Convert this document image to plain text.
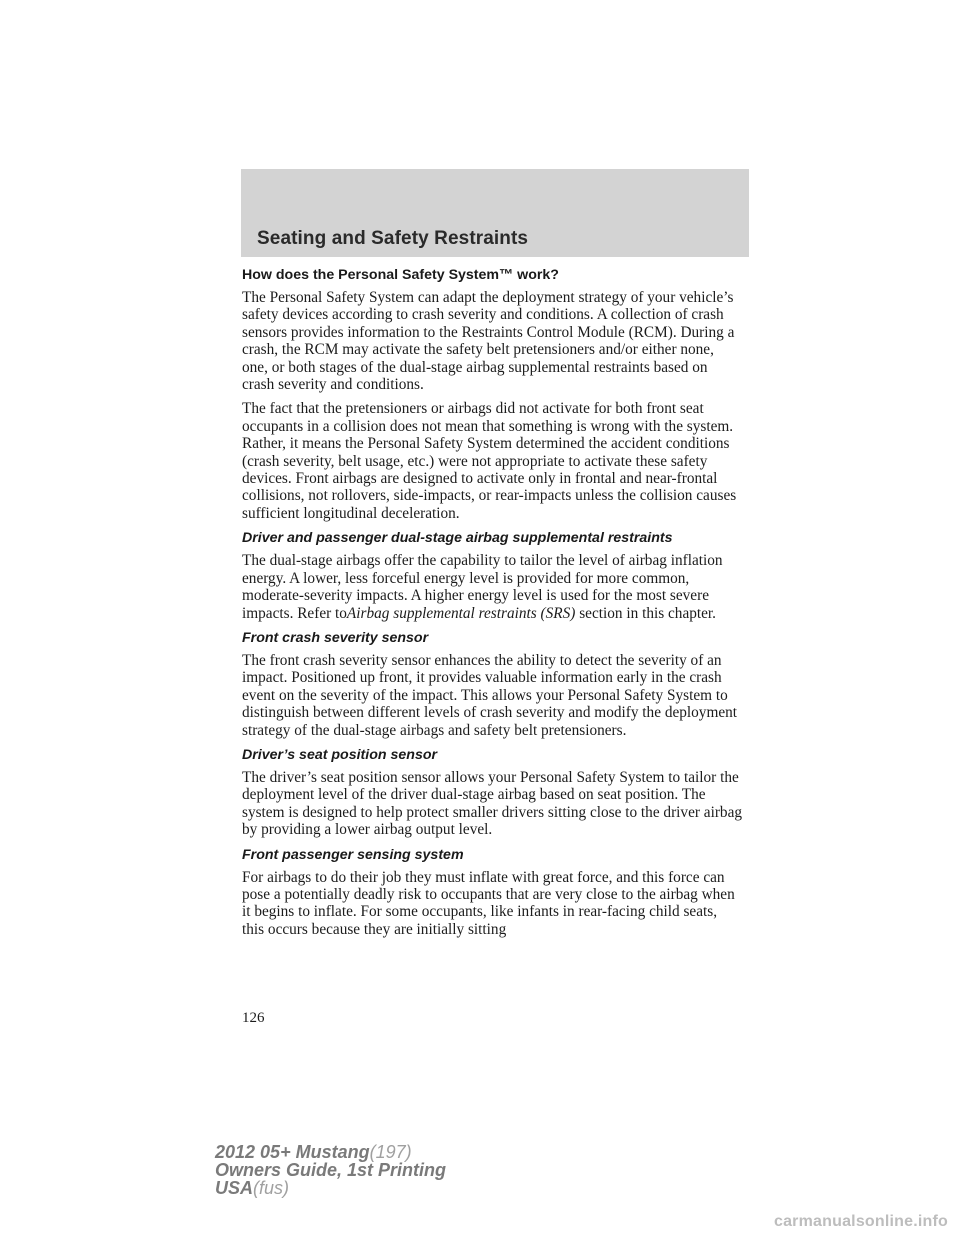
Seating and Safety Restraints
How does the Personal Safety System™ work?

The Personal Safety System can adapt the deployment strategy of your vehicle’s safety devices according to crash severity and conditions. A collection of crash sensors provides information to the Restraints Control Module (RCM). During a crash, the RCM may activate the safety belt pretensioners and/or either none, one, or both stages of the dual-stage airbag supplemental restraints based on crash severity and conditions.

The fact that the pretensioners or airbags did not activate for both front seat occupants in a collision does not mean that something is wrong with the system. Rather, it means the Personal Safety System determined the accident conditions (crash severity, belt usage, etc.) were not appropriate to activate these safety devices. Front airbags are designed to activate only in frontal and near-frontal collisions, not rollovers, side-impacts, or rear-impacts unless the collision causes sufficient longitudinal deceleration.

Driver and passenger dual-stage airbag supplemental restraints

The dual-stage airbags offer the capability to tailor the level of airbag inflation energy. A lower, less forceful energy level is provided for more common, moderate-severity impacts. A higher energy level is used for the most severe impacts. Refer toAirbag supplemental restraints (SRS) section in this chapter.

Front crash severity sensor

The front crash severity sensor enhances the ability to detect the severity of an impact. Positioned up front, it provides valuable information early in the crash event on the severity of the impact. This allows your Personal Safety System to distinguish between different levels of crash severity and modify the deployment strategy of the dual-stage airbags and safety belt pretensioners.

Driver’s seat position sensor

The driver’s seat position sensor allows your Personal Safety System to tailor the deployment level of the driver dual-stage airbag based on seat position. The system is designed to help protect smaller drivers sitting close to the driver airbag by providing a lower airbag output level.

Front passenger sensing system

For airbags to do their job they must inflate with great force, and this force can pose a potentially deadly risk to occupants that are very close to the airbag when it begins to inflate. For some occupants, like infants in rear-facing child seats, this occurs because they are initially sitting

126
2012 05+ Mustang(197)
Owners Guide, 1st Printing
USA(fus)
carmanualsonline.info
